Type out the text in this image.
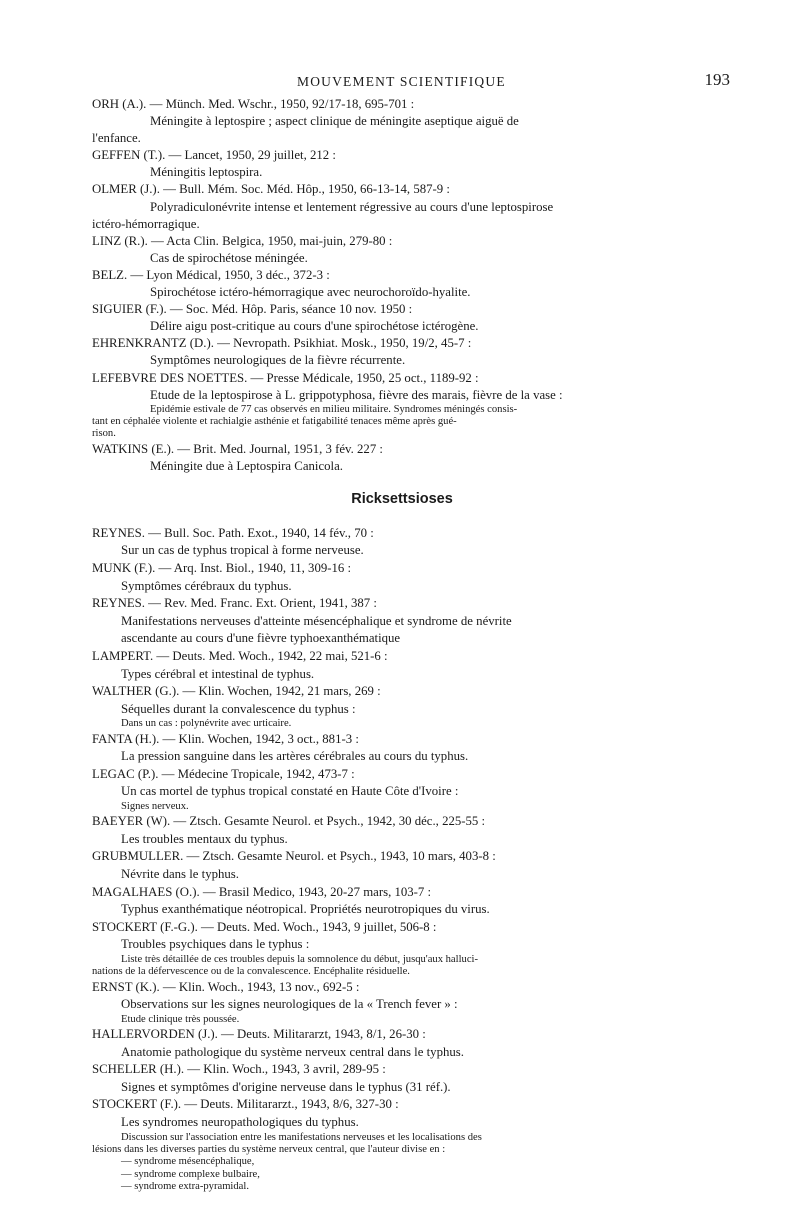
MOUVEMENT SCIENTIFIQUE	193
ORH (A.). — Münch. Med. Wschr., 1950, 92/17-18, 695-701 :
Méningite à leptospire ; aspect clinique de méningite aseptique aiguë de
l'enfance.
GEFFEN (T.). — Lancet, 1950, 29 juillet, 212 :
Méningitis leptospira.
OLMER (J.). — Bull. Mém. Soc. Méd. Hôp., 1950, 66-13-14, 587-9 :
Polyradiculonévrite intense et lentement régressive au cours d'une leptospirose
ictéro-hémorragique.
LINZ (R.). — Acta Clin. Belgica, 1950, mai-juin, 279-80 :
Cas de spirochétose méningée.
BELZ. — Lyon Médical, 1950, 3 déc., 372-3 :
Spirochétose ictéro-hémorragique avec neurochoroïdo-hyalite.
SIGUIER (F.). — Soc. Méd. Hôp. Paris, séance 10 nov. 1950 :
Délire aigu post-critique au cours d'une spirochétose ictérogène.
EHRENKRANTZ (D.). — Nevropath. Psikhiat. Mosk., 1950, 19/2, 45-7 :
Symptômes neurologiques de la fièvre récurrente.
LEFEBVRE DES NOETTES. — Presse Médicale, 1950, 25 oct., 1189-92 :
Etude de la leptospirose à L. grippotyphosa, fièvre des marais, fièvre de la vase :
Epidémie estivale de 77 cas observés en milieu militaire. Syndromes méningés consis-
tant en céphalée violente et rachialgie asthénie et fatigabilité tenaces même après gué-
rison.
WATKINS (E.). — Brit. Med. Journal, 1951, 3 fév. 227 :
Méningite due à Leptospira Canicola.
Ricksettsioses
REYNES. — Bull. Soc. Path. Exot., 1940, 14 fév., 70 :
Sur un cas de typhus tropical à forme nerveuse.
MUNK (F.). — Arq. Inst. Biol., 1940, 11, 309-16 :
Symptômes cérébraux du typhus.
REYNES. — Rev. Med. Franc. Ext. Orient, 1941, 387 :
Manifestations nerveuses d'atteinte mésencéphalique et syndrome de névrite
ascendante au cours d'une fièvre typhoexanthématique
LAMPERT. — Deuts. Med. Woch., 1942, 22 mai, 521-6 :
Types cérébral et intestinal de typhus.
WALTHER (G.). — Klin. Wochen, 1942, 21 mars, 269 :
Séquelles durant la convalescence du typhus :
Dans un cas : polynévrite avec urticaire.
FANTA (H.). — Klin. Wochen, 1942, 3 oct., 881-3 :
La pression sanguine dans les artères cérébrales au cours du typhus.
LEGAC (P.). — Médecine Tropicale, 1942, 473-7 :
Un cas mortel de typhus tropical constaté en Haute Côte d'Ivoire :
Signes nerveux.
BAEYER (W). — Ztsch. Gesamte Neurol. et Psych., 1942, 30 déc., 225-55 :
Les troubles mentaux du typhus.
GRUBMULLER. — Ztsch. Gesamte Neurol. et Psych., 1943, 10 mars, 403-8 :
Névrite dans le typhus.
MAGALHAES (O.). — Brasil Medico, 1943, 20-27 mars, 103-7 :
Typhus exanthématique néotropical. Propriétés neurotropiques du virus.
STOCKERT (F.-G.). — Deuts. Med. Woch., 1943, 9 juillet, 506-8 :
Troubles psychiques dans le typhus :
Liste très détaillée de ces troubles depuis la somnolence du début, jusqu'aux halluci-
nations de la défervescence ou de la convalescence. Encéphalite résiduelle.
ERNST (K.). — Klin. Woch., 1943, 13 nov., 692-5 :
Observations sur les signes neurologiques de la « Trench fever » :
Etude clinique très poussée.
HALLERVORDEN (J.). — Deuts. Militararzt, 1943, 8/1, 26-30 :
Anatomie pathologique du système nerveux central dans le typhus.
SCHELLER (H.). — Klin. Woch., 1943, 3 avril, 289-95 :
Signes et symptômes d'origine nerveuse dans le typhus (31 réf.).
STOCKERT (F.). — Deuts. Militararzt., 1943, 8/6, 327-30 :
Les syndromes neuropathologiques du typhus.
Discussion sur l'association entre les manifestations nerveuses et les localisations des
lésions dans les diverses parties du système nerveux central, que l'auteur divise en :
— syndrome mésencéphalique,
— syndrome complexe bulbaire,
— syndrome extra-pyramidal.
